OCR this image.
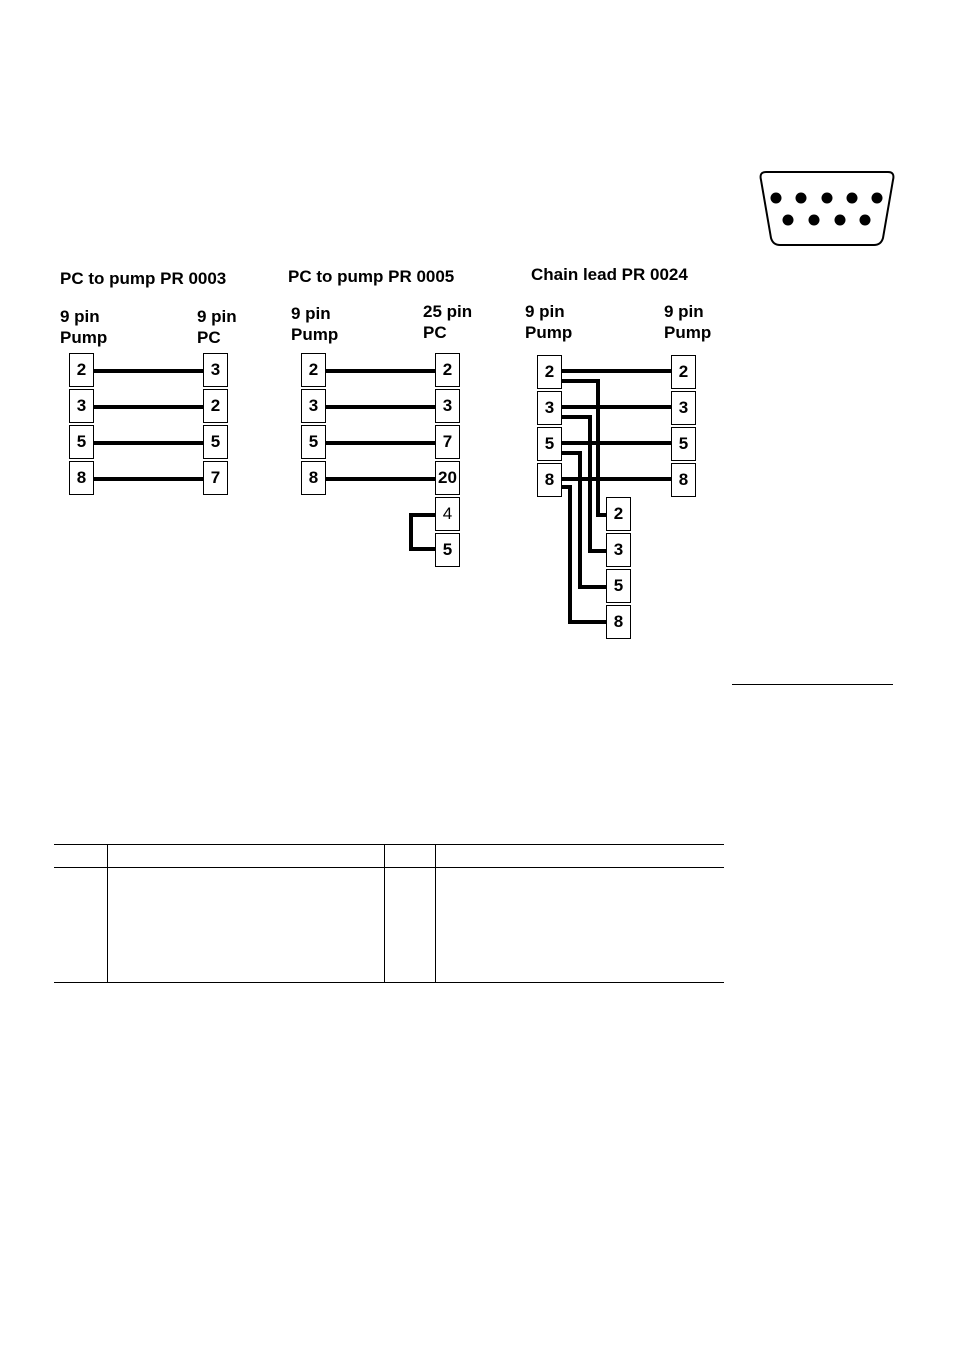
PC to pump PR 0003
9 pin
Pump
9 pin
PC
2
3
5
8
3
2
5
7
PC to pump PR 0005
9 pin
Pump
25 pin
PC
2
3
5
8
2
3
7
20
4
5
Chain lead PR 0024
9 pin
Pump
9 pin
Pump
2
3
5
8
2
3
5
8
2
3
5
8
